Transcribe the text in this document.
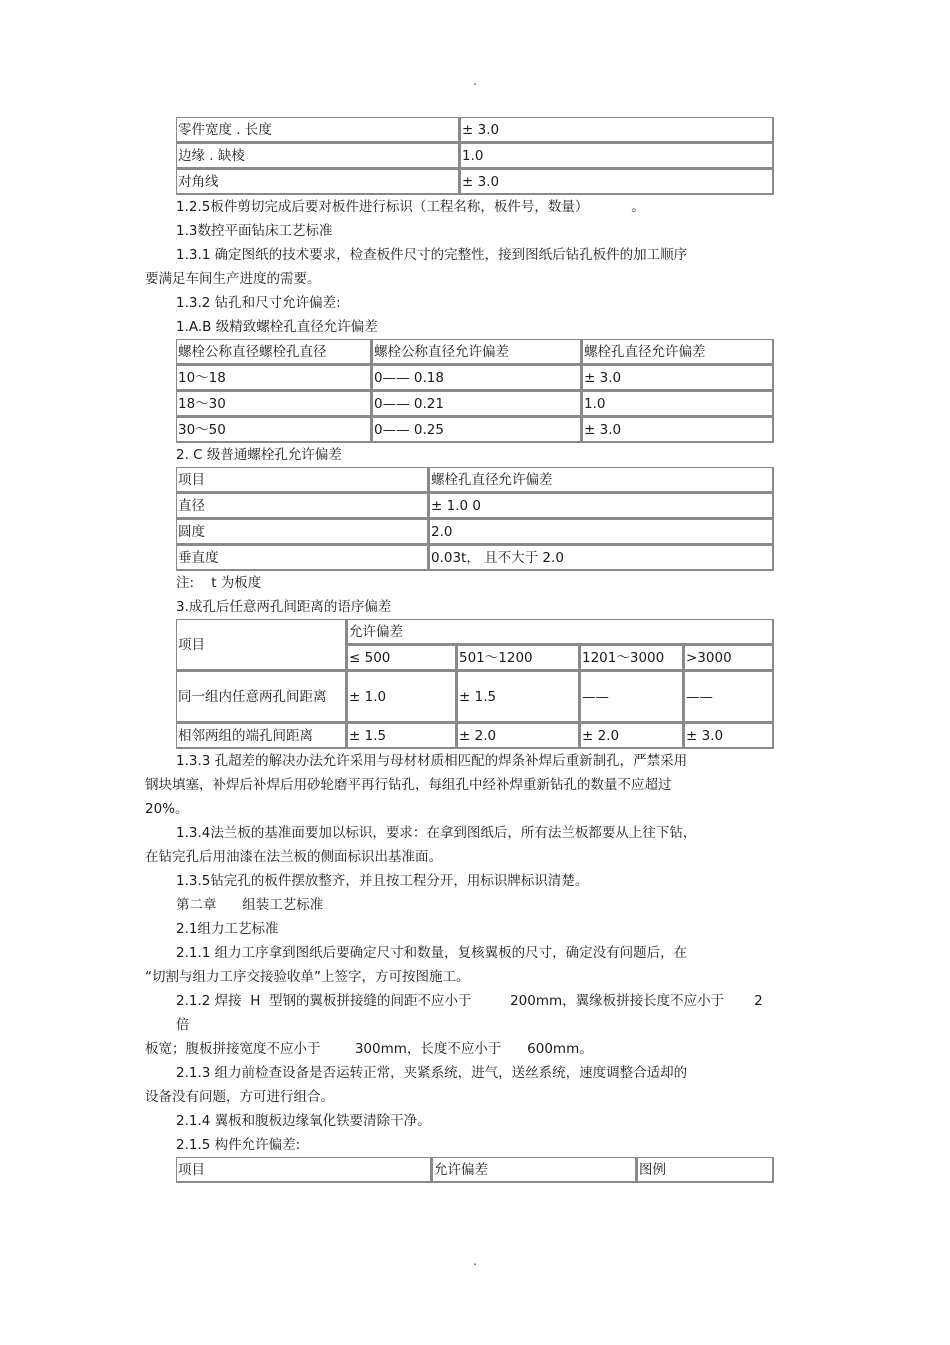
.
零件宽度 . 长度	± 3.0
边缘 . 缺棱	1.0
对角线	± 3.0
1.2.5板件剪切完成后要对板件进行标识（工程名称，板件号，数量）          。
1.3数控平面钻床工艺标准
1.3.1 确定图纸的技术要求，检查板件尺寸的完整性，接到图纸后钻孔板件的加工顺序
要满足车间生产进度的需要。
1.3.2 钻孔和尺寸允许偏差:
1.A.B 级精致螺栓孔直径允许偏差
螺栓公称直径螺栓孔直径	螺栓公称直径允许偏差	螺栓孔直径允许偏差
10～18	0—— 0.18	± 3.0
18～30	0—— 0.21	1.0
30～50	0—— 0.25	± 3.0
2. C 级普通螺栓孔允许偏差
项目	螺栓孔直径允许偏差
直径	± 1.0 0
圆度	2.0
垂直度	0.03t， 且不大于 2.0
注:    t 为板度
3.成孔后任意两孔间距离的语序偏差
项目	允许偏差			
	≤ 500	501～1200	1201～3000	>3000
同一组内任意两孔间距离	± 1.0	± 1.5	——	——
相邻两组的端孔间距离	± 1.5	± 2.0	± 2.0	± 3.0
1.3.3 孔超差的解决办法允许采用与母材材质相匹配的焊条补焊后重新制孔，严禁采用
钢块填塞，补焊后补焊后用砂轮磨平再行钻孔，每组孔中经补焊重新钻孔的数量不应超过
20%。
1.3.4法兰板的基准面要加以标识，要求：在拿到图纸后，所有法兰板都要从上往下钻，
在钻完孔后用油漆在法兰板的侧面标识出基准面。
1.3.5钻完孔的板件摆放整齐，并且按工程分开，用标识牌标识清楚。
第二章      组装工艺标准
2.1组力工艺标准
2.1.1 组力工序拿到图纸后要确定尺寸和数量，复核翼板的尺寸，确定没有问题后，在
“切割与组力工序交接验收单”上签字，方可按图施工。
2.1.2 焊接  H  型钢的翼板拼接缝的间距不应小于         200mm，翼缘板拼接长度不应小于       2 倍
板宽；腹板拼接宽度不应小于        300mm，长度不应小于      600mm。
2.1.3 组力前检查设备是否运转正常，夹紧系统，进气，送丝系统，速度调整合适却的
设备没有问题，方可进行组合。
2.1.4 翼板和腹板边缘氧化铁要清除干净。
2.1.5 构件允许偏差:
项目	允许偏差	图例
.
